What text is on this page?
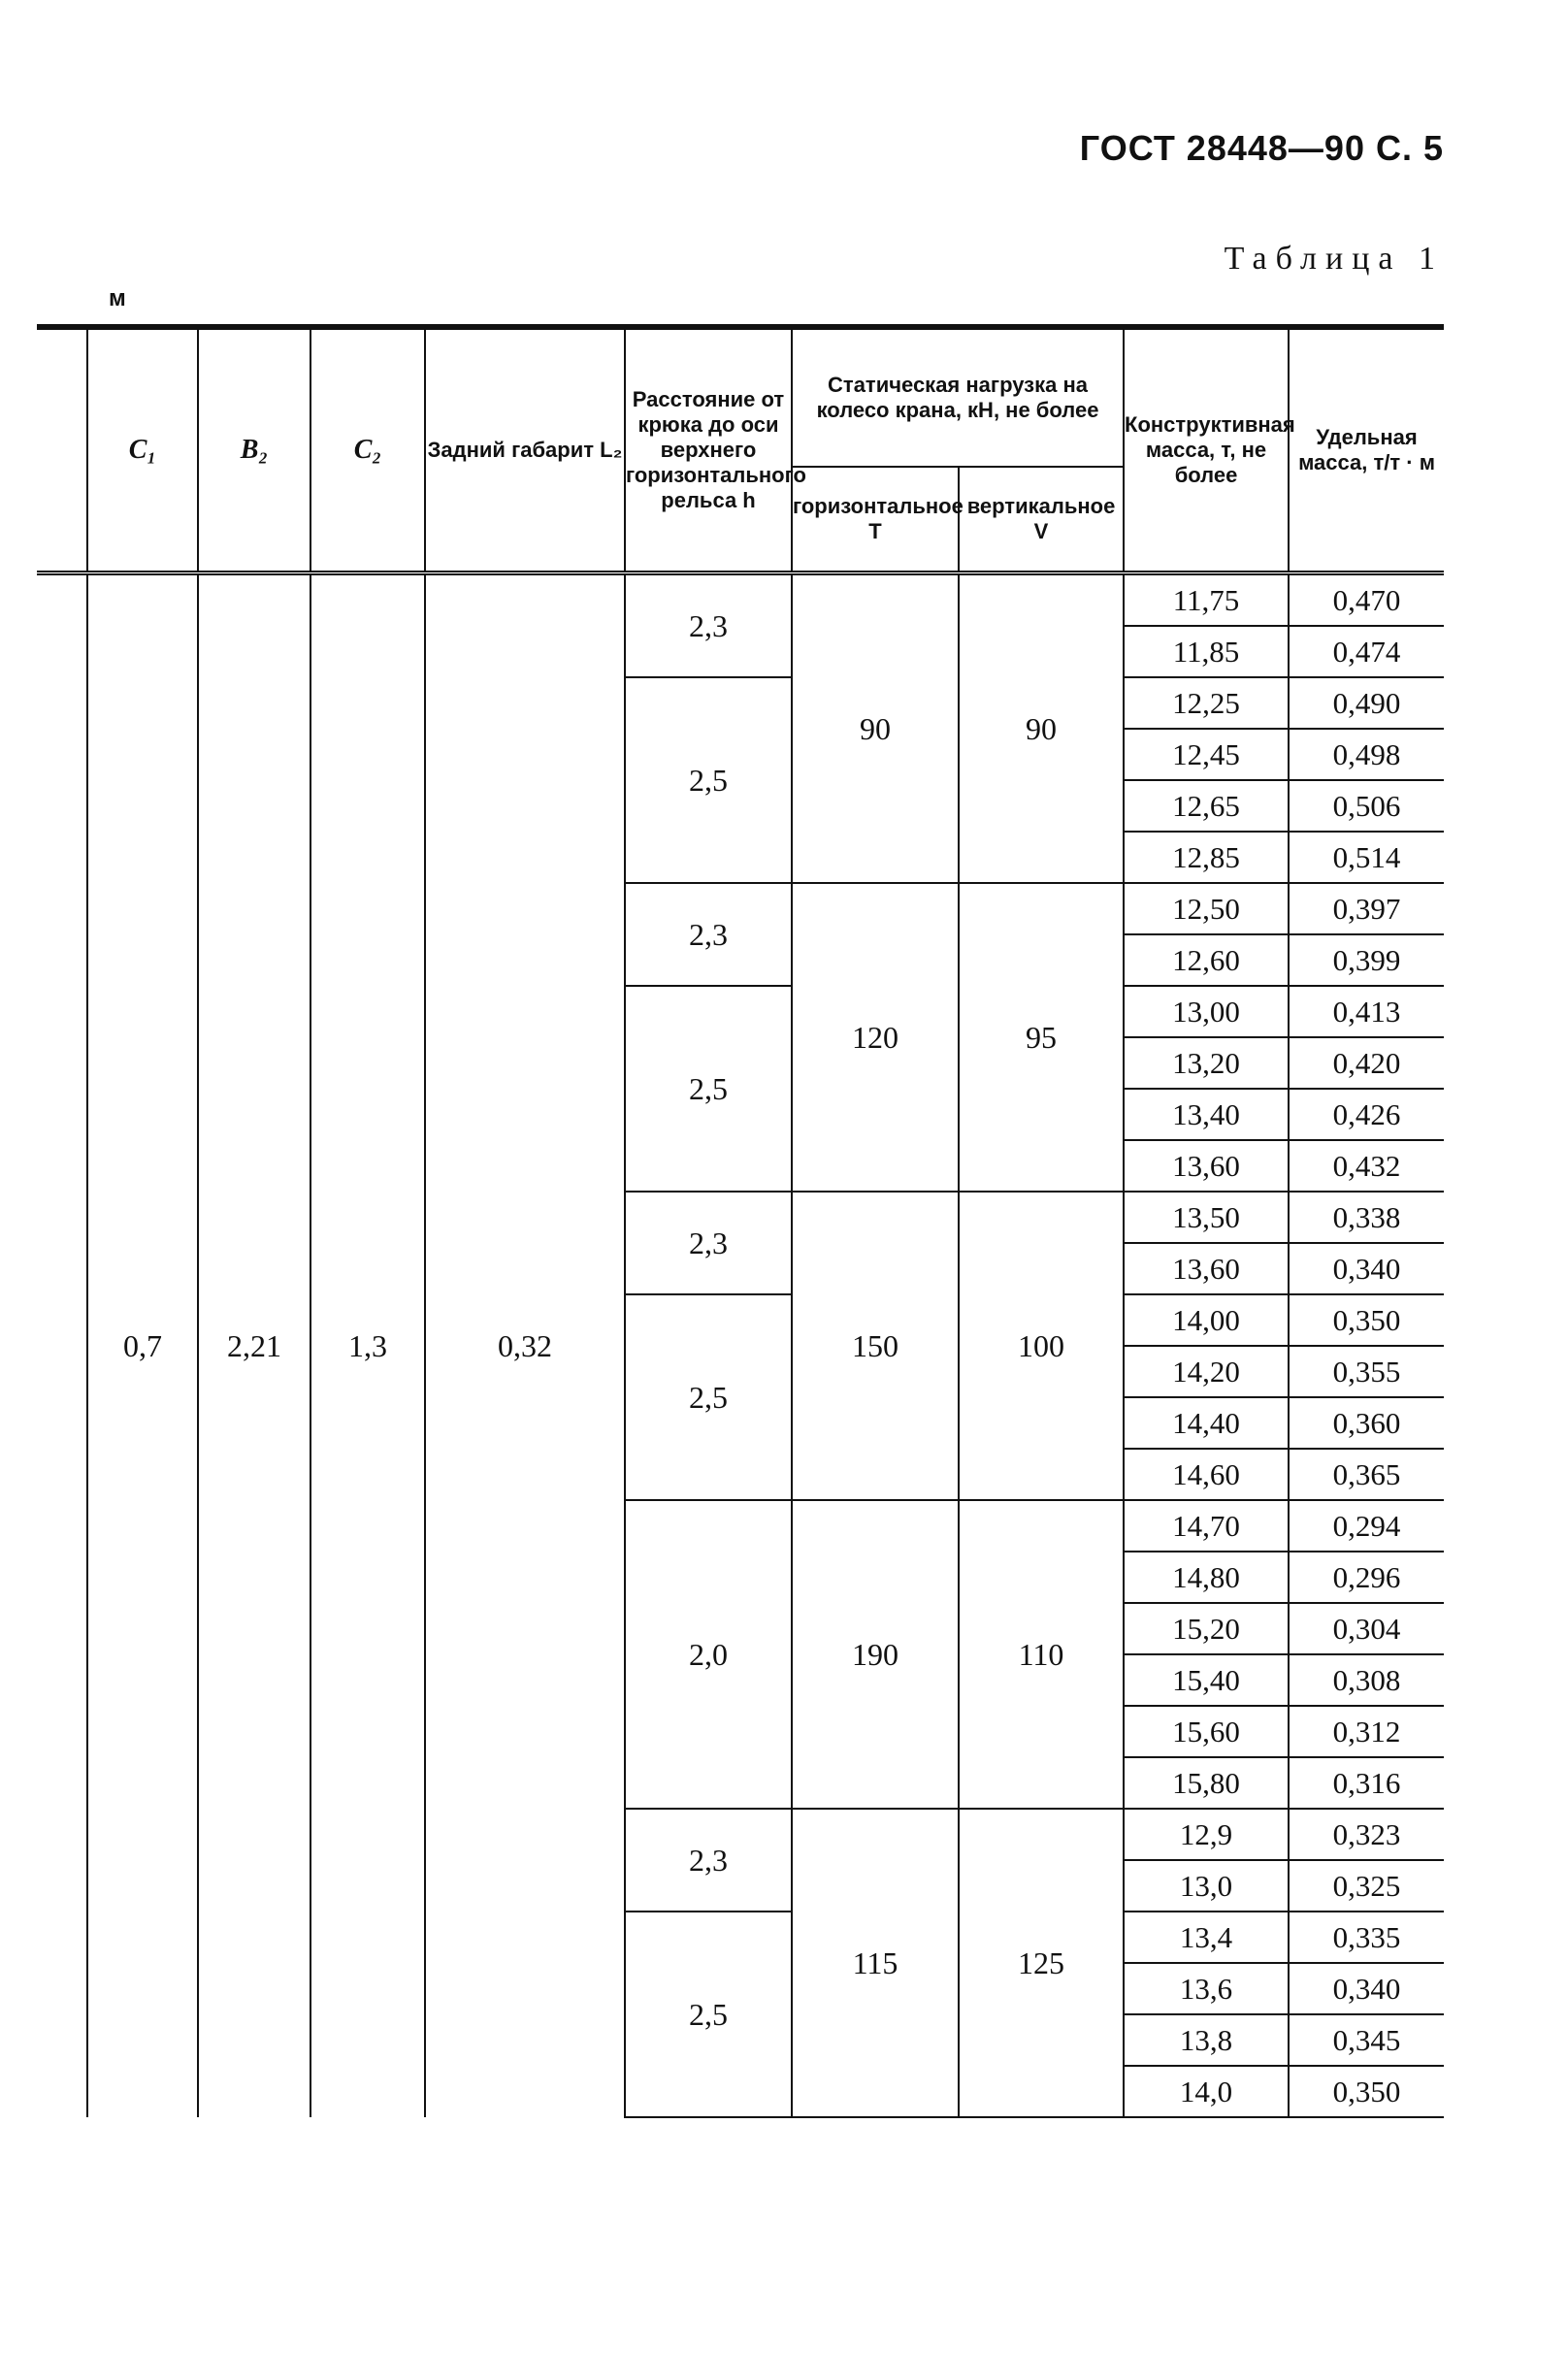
ГОСТ 28448—90 С. 5
Таблица 1
м
	C₁	B₂	C₂	Задний габарит L₂	Расстояние от крюка до оси верхнего горизонтального рельса h	Статическая нагрузка на колесо крана, кН, не более		Конструктивная масса, т, не более	Удельная масса, т/т · м
						горизонтальное T	вертикальное V		
	0,7	2,21	1,3	0,32	2,3	90	90	11,75	0,470
								11,85	0,474
					2,5			12,25	0,490
								12,45	0,498
								12,65	0,506
								12,85	0,514
					2,3	120	95	12,50	0,397
								12,60	0,399
					2,5			13,00	0,413
								13,20	0,420
								13,40	0,426
								13,60	0,432
					2,3	150	100	13,50	0,338
								13,60	0,340
					2,5			14,00	0,350
								14,20	0,355
								14,40	0,360
								14,60	0,365
					2,0	190	110	14,70	0,294
								14,80	0,296
								15,20	0,304
								15,40	0,308
								15,60	0,312
								15,80	0,316
					2,3	115	125	12,9	0,323
								13,0	0,325
					2,5			13,4	0,335
								13,6	0,340
								13,8	0,345
								14,0	0,350
